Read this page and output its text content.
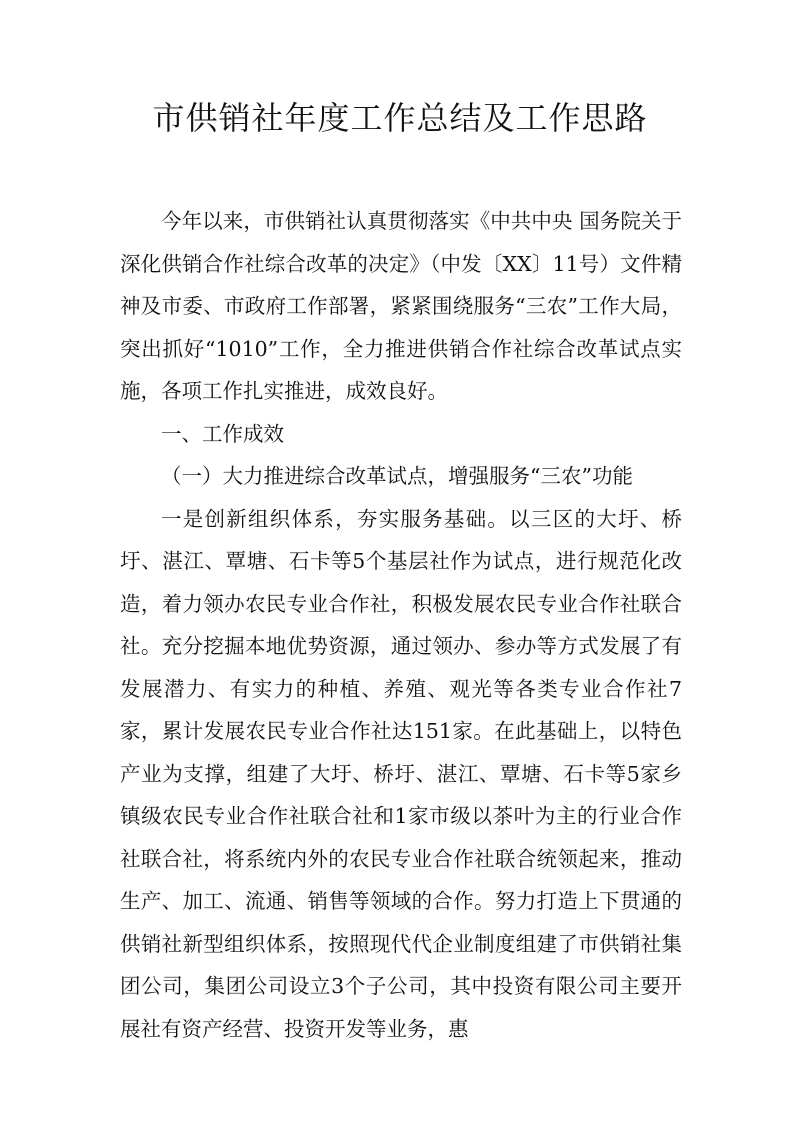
市供销社年度工作总结及工作思路

今年以来，市供销社认真贯彻落实《中共中央 国务院关于深化供销合作社综合改革的决定》（中发〔XX〕11号）文件精神及市委、市政府工作部署，紧紧围绕服务“三农”工作大局，突出抓好“1010”工作，全力推进供销合作社综合改革试点实施，各项工作扎实推进，成效良好。

一、工作成效

（一）大力推进综合改革试点，增强服务“三农”功能

一是创新组织体系，夯实服务基础。以三区的大圩、桥圩、湛江、覃塘、石卡等5个基层社作为试点，进行规范化改造，着力领办农民专业合作社，积极发展农民专业合作社联合社。充分挖掘本地优势资源，通过领办、参办等方式发展了有 发展潜力、有实力的种植、养殖、观光等各类专业合作社7家，累计发展农民专业合作社达151家。在此基础上，以特色产业为支撑，组建了大圩、桥圩、湛江、覃塘、石卡等5家乡镇级农民专业合作社联合社和1家市级以茶叶为主的行业合作社联合社，将系统内外的农民专业合作社联合统领起来，推动生产、加工、流通、销售等领域的合作。努力打造上下贯通的供销社新型组织体系，按照现代代企业制度组建了市供销社集团公司，集团公司设立3个子公司，其中投资有限公司主要开展社有资产经营、投资开发等业务，惠
